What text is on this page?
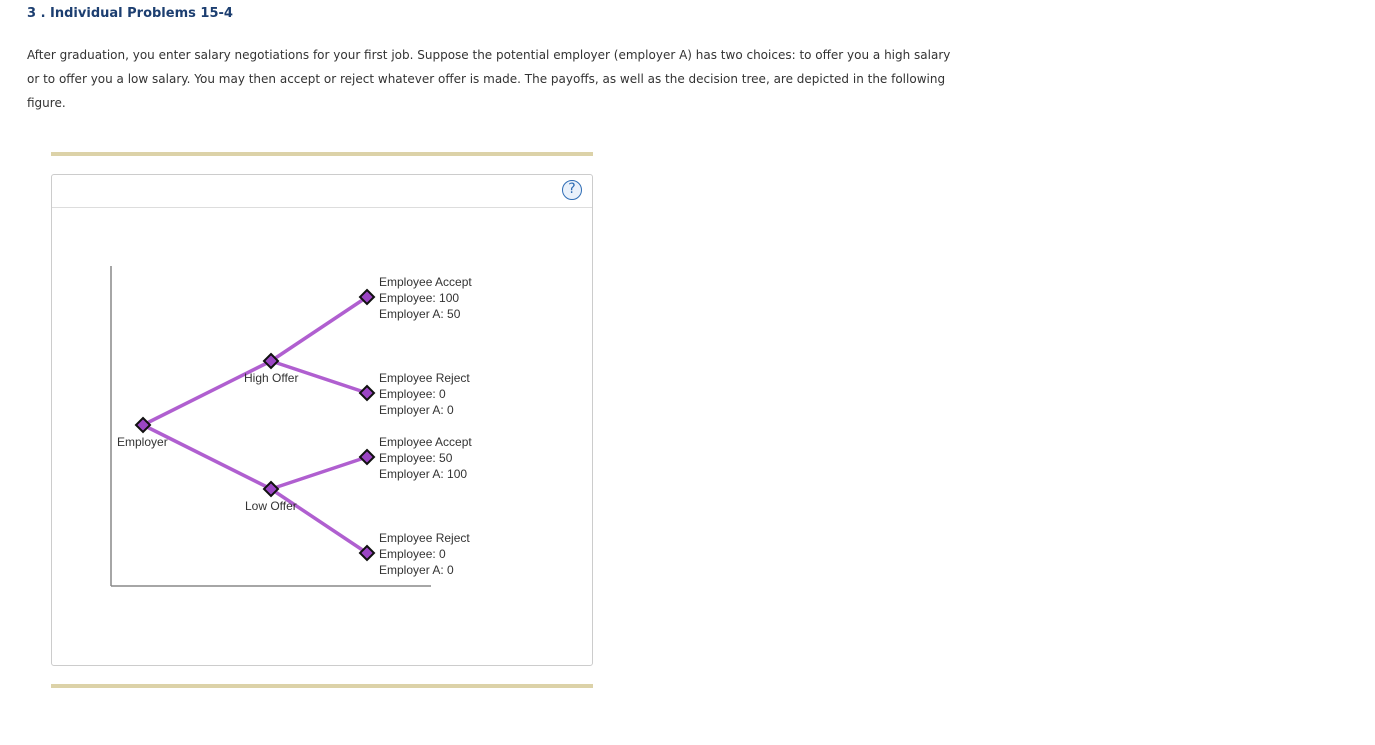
3 . Individual Problems 15-4
After graduation, you enter salary negotiations for your first job. Suppose the potential employer (employer A) has two choices: to offer you a high salary or to offer you a low salary. You may then accept or reject whatever offer is made. The payoffs, as well as the decision tree, are depicted in the following figure.
?
Employer
High Offer
Low Offer
Employee Accept
Employee: 100
Employer A: 50
Employee Reject
Employee: 0
Employer A: 0
Employee Accept
Employee: 50
Employer A: 100
Employee Reject
Employee: 0
Employer A: 0
